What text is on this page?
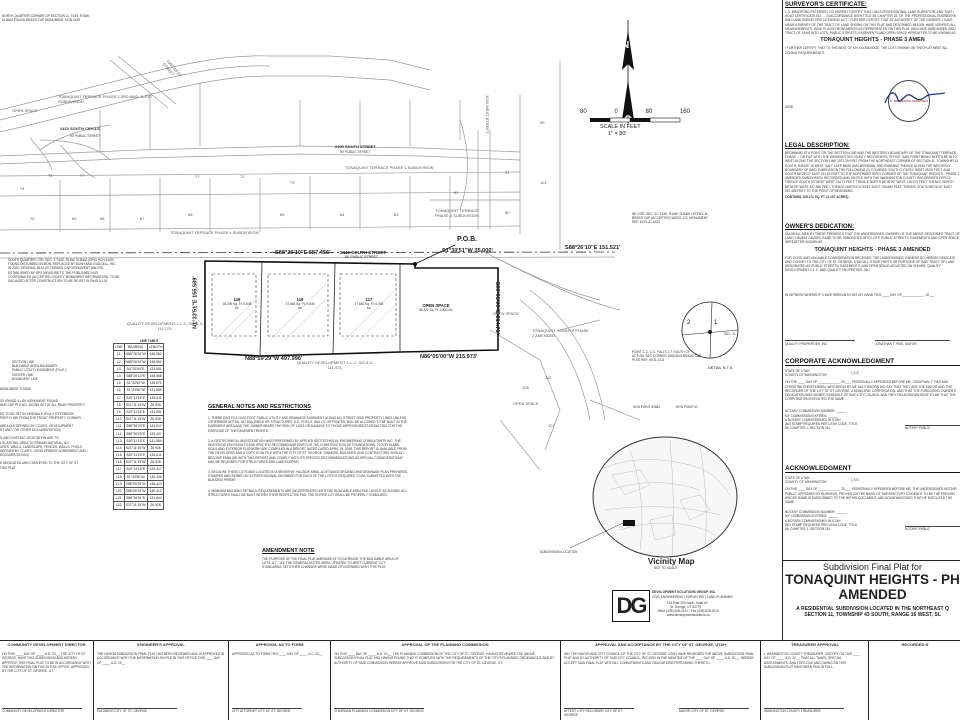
NORTH QUARTER CORNER OF SECTION 11, T43S, R16W, SLB&M FOUND BRASS CAP MONUMENT, HCN #155
TONAQUINT TERRACE PHASE 2 3RD AMD. & EXT SUBDIVISION
1040 WEST STREET
2410 SOUTH CIRCLE
90' PUBLIC STREET
OPEN SPACE
2400 SOUTH STREET
90' PUBLIC STREET
TONAQUINT TERRACE PHASE 1 SUBDIVISION
TONAQUINT TERRACE PHASE 4 SUBDIVISION
TONAQUINT TERRACE PHASE 3 SUBDIVISION
1030 WEST STREET
SOUTH QUARTER COR. SEC. 2 T43S, R16W, SLB&M (ORIG HCN #190) FOUND DISTURBED IN MON. REPLACED BY BUSH AND GUDGELL, INC. IN 2020. ORIGINAL BLM 1972 BRASS CAP MONUMENT AND RE-ESTABLISHED BY GPS MEASURE TO THE PUBLISHED NGS COORDINATES (ACCEPTED COUNTY MONUMENT INFORMATION). TO BE SALVAGED AFTER CONSTRUCTION TO BE RE-SET IN RING & LID
NE COR. SEC. 11, T43S, R16W, SLB&M 1973 B.L.M. BRASS CAP (ACCEPTED) WASH. CO. MONUMENT REF. #V21-41-1622
POINT C.C. C.C. FALLS 2.7' SOUTH OF ACTUAL SEC CORNER 1965 BLM BRASS CAP PLSS REF: #V21-41-8
HCN POINT #1881	HCN POINT #1
DETAIL N.T.S.
2	1
SEC. 11
S88°26'10"E 557.456'
S88°26'10"E 151.521'
P.O.B.
S1°30'51"W 35.000'
2440 SOUTH STREET
60' PUBLIC STREET
N88°59'29"W 497.996'	N86°05'00"W 215.973'
N1°33'51"E 155.589'	S00°05'00"E 214.71'
119
28,209 Sq. Ft. 0.648 Ac.
118
37,646 Sq. Ft. 0.639 Ac.
117
17,662 Sq. Ft. 0.405 Ac.
OPEN SPACE
36,222 Sq. Ft. 0.831 Ac.
QUALITY DEVELOPMENT, L.L.C. SG-6-3-111-STL
QUALITY DEVELOPMENT, L.L.C. SG-6-3-111-STL
TONAQUINT HEIGHTS PHASE 2 AMENDED
OPEN SPACE
OPEN SPACE
74
75	77	71	72
73
70	69	68	67
66	65	64	63
62
61
60
59
113
112
108
107
N
80	0	80	160
SCALE IN FEET
1" = 80'
SECTION LINE
BUILDABLE AREA BOUNDARY
PUBLIC UTILITY EASEMENT (P.U.E.)
CENTER LINE
BOUNDARY LINE
MONUMENT FOUND
SS (RINGS & LID) MONUMENT FOUND
AND CAP PLS NO. 362255 SET AT ALL REAR PROPERTY
ES TO BE SET IN SIDEWALK ON A 2' EXTENSION
PERTY LINE FROM THE FRONT PROPERTY CORNER
AREA (AS DEFINED BY CC&R'S, DEVELOPMENT
NT AND / OR OTHER DOCUMENTATION)
S AND EXISTING VEGETATION ARE TO
LOCATIONS, AREA TO REMAIN NATURAL, NO
URES, WALLS, LANDSCAPE, FENCES, WALLS, POOLS
DEFINED BY CC&R'S, DEVELOPMENT AGREEMENT AND /
DOCUMENTATION)
E DEDICATED AND CONVEYED TO THE CITY OF ST.
THIS PLAT
LINE TABLE
LINE	BEARING	LENGTH
L1	N88°26'10"W	146.562
L2	N88°26'10"W	146.562
L3	N1°33'50"E	133.651
L4	S88°26'10"E	146.568
L5	S1°33'50"W	135.671
L6	S1°33'50"W	131.689
L7	S20°11'15"E	133.611
L8	S21°11'15"W	26.926
L9	S20°11'15"E	141.551
L10	S21°11'15"W	26.926
L11	S88°59'29"E	141.617
L12	S88°59'29"E	133.437
L13	S20°11'15"E	141.564
L14	S21°11'15"W	26.926
L15	S20°11'15"E	133.611
L16	S21°11'15"W	26.926
L17	S00°14'16"E	129.417
L18	S1°33'50"W	130.438
L19	S88°59'29"W	145.412
L20	S88°59'29"W	145.412
L21	S86°26'51"E	131.844
L22	S21°11'15"W	26.926
GENERAL NOTES AND RESTRICTIONS
1. THERE EXISTS A 10.00 FOOT PUBLIC UTILITY AND DRAINAGE EASEMENT ALONG ALL STREET SIDE PROPERTY LINES UNLESS OTHERWISE NOTED. NO BUILDINGS OR STRUCTURES, E.G. POOLS, WALLS, OR FENCES, WILL BE ALLOWED TO BE BUILT IN THE EASEMENT AREA AND THE OWNER BEARS THE RISK OF LOSS OR DAMAGE TO THOSE IMPROVEMENTS RESULTING FOR THE EXERCISE OF THE EASEMENT RIGHTS.
2. A GEOTECHNICAL INVESTIGATION WAS PERFORMED BY APPLIED GEOTECHNICAL ENGINEERING CONSULTANTS INC. THE INVESTIGATION RESULTS AND SPECIFIC RECOMMENDATIONS FOR THE CONSTRUCTION OF FOUNDATIONS, FLOOR SLABS, SOILS AND EXTERIOR FLATWORK ARE COMPILED IN A REPORT DATED DATED APRIL 19, 2018. THIS REPORT IS AVAILABLE FROM THE DEVELOPER AND A COPY IS ON FILE WITH THE CITY OF ST. GEORGE. OWNERS, BUILDERS, AND CONTRACTORS SHOULD BECOME FAMILIAR WITH THIS REPORT AND COMPLY WITH ITS SPECIFIC RECOMMENDATIONS AS SPECIAL CONSIDERATIONS MAY BE REQUIRED FOR STRUCTURES AND LANDSCAPING.
3. BECAUSE THESE LOTS ARE LOCATED IN A SENSITIVE HILLSIDE AREA, A DETAILED GRADING AND DRAINAGE PLAN PREPARED, STAMPED AND SIGNED BY A PROFESSIONAL ENGINEER FOR EACH OF THE LOTS IS REQUIRED TO BE SUBMITTED WITH THE BUILDING PERMIT.
4. MINIMUM BUILDING SETBACK REQUIREMENTS ARE INCORPORATED INTO THE BUILDABLE AREA PAD LAYOUT AS SHOWN. ALL STRUCTURES SHALL BE BUILT WITHIN THEIR RESPECTIVE PAD. THE ENTIRE LOT SHALL BE PROPERLY STABILIZED.
AMENDMENT NOTE
THE PURPOSE OF THE FINAL PLAT AMENDED IS TO INCREASE THE BUILDABLE AREA OF LOTS 117 - 119. THE GENERAL NOTES WERE UPDATED TO MEET CURRENT CITY STANDARDS. NO OTHER CHANGES WERE MADE OF INTENDED WITH THIS PLAT.
Vicinity Map
NOT TO SCALE
SUBDIVISION LOCATION
DG
DEVELOPMENT SOLUTIONS GROUP, INC.
CIVIL ENGINEERING | SURVEYING | LAND PLANNING
113 East 200 North, Suite #2
St. George, UT 84770
Office (435) 628-2121 - Fax (435) 628-2014
www.developmentsolutions.co
SURVEYOR'S CERTIFICATE:
I, D. BRADFORD PETERSEN, DO HEREBY CERTIFY THAT I AM A PROFESSIONAL LAND SURVEYOR, AND THAT I HOLD CERTIFICATE NO. ... IN ACCORDANCE WITH TITLE 58, CHAPTER 22, OF THE PROFESSIONAL ENGINEERS AND LAND SURVEYORS LICENSING ACT. I FURTHER CERTIFY THAT BY AUTHORITY OF THE OWNERS, I HAVE MADE A SURVEY OF THE TRACT OF LAND SHOWN ON THIS PLAT AND DESCRIBED BELOW, HAVE VERIFIED ALL MEASUREMENTS, HAVE PLACED MONUMENTS AS REPRESENTED ON THIS PLAT, AND HAVE SUBDIVIDED SAID TRACT OF LAND INTO LOTS, PUBLIC STREETS, EASEMENTS AND OPEN SPACE HEREAFTER TO BE KNOWN AS
TONAQUINT HEIGHTS - PHASE 3 AMEN
I FURTHER CERTIFY THAT TO THE BEST OF MY KNOWLEDGE, THE LOTS SHOWN ON THIS PLAT MEET ALL ZONING REQUIREMENTS.
D. BRADFORD PETERSEN
DATE:
LEGAL DESCRIPTION:
BEGINNING AT A POINT ON THE SECTION LINE AND THE WESTERLY BOUNDARY OF THE TONAQUINT TERRACE - PHASE ... ON FILE WITH THE WASHINGTON COUNTY RECORDER'S OFFICE, SAID POINT BEING NORTH 88°26'10" WEST ALONG THE SECTION LINE 1572.29 FEET FROM THE NORTHEAST CORNER OF SECTION 11, TOWNSHIP 43 SOUTH, RANGE 16 WEST, SALT LAKE BASE AND MERIDIAN, AND RUNNING THENCE ALONG THE WESTERLY BOUNDARY OF SAID SUBDIVISION THE FOLLOWING (2) COURSES: SOUTH 01°30'51" WEST 35.00 FEET, AND SOUTH 88°26'10" EAST 151.52 FEET TO THE NORTHWESTERLY CORNER OF THE TONAQUINT HEIGHTS - PHASE 2 AMENDED SUBDIVISION, RECORDED AND ON FILE WITH THE WASHINGTON COUNTY RECORDER'S OFFICE; THENCE SOUTH 00°05'00" WEST 214.71 FEET; THENCE NORTH 86°05'00" WEST 215.973 FEET; THENCE NORTH 88°59'29" WEST 497.996 FEET; THENCE NORTH 01°33'51" EAST 155.589 FEET; THENCE SOUTH 88°26'10" EAST 557.456 FEET TO THE POINT OF BEGINNING.
CONTAINS 139,171 SQ. FT. (3.197 ACRES)
OWNER'S DEDICATION:
KNOW ALL MEN BY THESE PRESENTS THAT THE UNDERSIGNED OWNERS OF THE ABOVE DESCRIBED TRACT OF LAND, HAVING CAUSED SAME TO BE SUBDIVIDED INTO LOTS, PUBLIC STREETS, EASEMENTS AND OPEN SPACE HEREAFTER KNOWN AS
TONAQUINT HEIGHTS - PHASE 3 AMENDED
FOR GOOD AND VALUABLE CONSIDERATION RECEIVED, THE UNDERSIGNED OWNERS DO HEREBY DEDICATE AND CONVEY TO THE CITY OF ST. GEORGE, UTAH ALL THOSE PARTS OR PORTIONS OF SAID TRACT OF LAND DESIGNATED AS PUBLIC STREETS, EASEMENTS, AND OPEN SPACE AS NOTED ON SHOWN. QUALITY DEVELOPMENT, L.L.C. AND QUALITY PROPERTIES, INC.
IN WITNESS WHEREOF I HAVE HEREUNTO SET MY HAND THIS ____ DAY OF ____________, 20___.
QUALITY PROPERTIES, INC.	JONATHAN T. PIKE, MAYOR
CORPORATE ACKNOWLEDGMENT
STATE OF UTAH
COUNTY OF WASHINGTON
} S.S.
ON THE ____ DAY OF ____________, 20___, PERSONALLY APPEARED BEFORE ME, JONATHAN T. PIKE AND CHRISTINA CHRISTENSEN, WHO BEING BY ME DULY SWORN DID SAY THAT THEY ARE THE MAYOR AND THE RECORDER OF THE CITY OF ST. GEORGE, A MUNICIPAL CORPORATION, AND THAT THE FOREGOING OWNER'S DEDICATION WAS SIGNED IN BEHALF OF SAID CITY COUNCIL AND THEY DID ACKNOWLEDGE TO ME THAT THE CORPORATION EXECUTED THE SAME.
NOTARY COMMISSION NUMBER: ______
MY COMMISSION EXPIRES: ______
A NOTARY COMMISSIONED IN UTAH
(NO STAMP REQUIRED PER UTAH CODE, TITLE 46, CHAPTER 1, SECTION 16)	NOTARY PUBLIC
ACKNOWLEDGMENT
STATE OF UTAH
COUNTY OF WASHINGTON
} S.S.
ON THE ____ DAY OF ____________, 20___, PERSONALLY APPEARED BEFORE ME, THE UNDERSIGNED NOTARY PUBLIC, APPEARED BY BURGESS, PROVED ON THE BASIS OF SATISFACTORY EVIDENCE TO BE THE PERSON WHOSE NAME IS SUBSCRIBED TO THE WITHIN DOCUMENT, AND ACKNOWLEDGED THAT HE EXECUTED THE SAME.
NOTARY COMMISSION NUMBER: ______
MY COMMISSION EXPIRES: ______
A NOTARY COMMISSIONED IN UTAH
(NO STAMP REQUIRED PER UTAH CODE, TITLE 46, CHAPTER 1, SECTION 16)	NOTARY PUBLIC
Subdivision Final Plat for
TONAQUINT HEIGHTS - PH
AMENDED
A RESIDENTIAL SUBDIVISION LOCATED IN THE NORTHEAST Q
SECTION 11, TOWNSHIP 43 SOUTH, RANGE 16 WEST, SL
COMMUNITY DEVELOPMENT DIRECTOR
ON THIS ____ DAY OF ____, A.D. 20__, THE CITY OF ST. GEORGE, HAVE THIS SUBDIVISION AND HEREBY APPROVE THIS FINAL PLAT TO BE IN ACCORDANCE WITH THE INFORMATION ON FILE IN THIS OFFICE. APPROVED BY THE CITY OF ST. GEORGE, UT.
COMMUNITY DEVELOPMENT DIRECTOR
ENGINEER'S APPROVAL
THE HERON SUBDIVISION FINAL PLAT HAS BEEN REVIEWED AND IS APPROVED IN ACCORDANCE WITH THE INFORMATION ON FILE IN THIS OFFICE THIS ____ DAY OF ____, A.D. 20__
ENGINEER CITY OF ST. GEORGE
APPROVAL AS TO FORM
APPROVED AS TO FORM THIS ____ DAY OF ____, A.D. 20__
CITY ATTORNEY CITY OF ST. GEORGE
APPROVAL OF THE PLANNING COMMISSION
ON THIS ____ DAY OF ____, A.D. 20__, THE PLANNING COMMISSION OF THE CITY OF ST. GEORGE, HAVING REVIEWED THE ABOVE SUBDIVISION FINAL PLAT AND HAVING FOUND THAT IT COMPLIES WITH THE REQUIREMENTS OF THE CITY'S PLANNING ORDINANCES, AND BY AUTHORITY OF SAID COMMISSION HEREBY APPROVE SAID SUBDIVISION FOR THE CITY OF ST. GEORGE, UT.
CHAIRMAN PLANNING COMMISSION CITY OF ST. GEORGE
APPROVAL AND ACCEPTANCE BY THE CITY OF ST. GEORGE, UTAH
WE, THE MAYOR AND CITY COUNCIL OF THE CITY OF ST. GEORGE, UTAH HAVE REVIEWED THE ABOVE SUBDIVISION FINAL PLAT AND BY AUTHORITY OF SAID CITY COUNCIL, RECORD IN THE MINUTES OF THE ____ DAY OF ____, A.D. 20__, HEREBY ACCEPT SAID FINAL PLAT WITH ALL COMMITMENTS AND OBLIGATIONS PERTAINING THERETO.
ATTEST: CITY RECORDER CITY OF ST. GEORGE
MAYOR CITY OF ST. GEORGE
TREASURER APPROVAL
I, WASHINGTON COUNTY TREASURER, CERTIFY ON THIS ____ DAY OF ____, A.D. 20__, THAT ALL TAXES, SPECIAL ASSESSMENTS, AND FEES DUE AND OWING ON THIS SUBDIVISION PLAT HAVE BEEN PAID IN FULL.
WASHINGTON COUNTY TREASURER
RECORDED N
